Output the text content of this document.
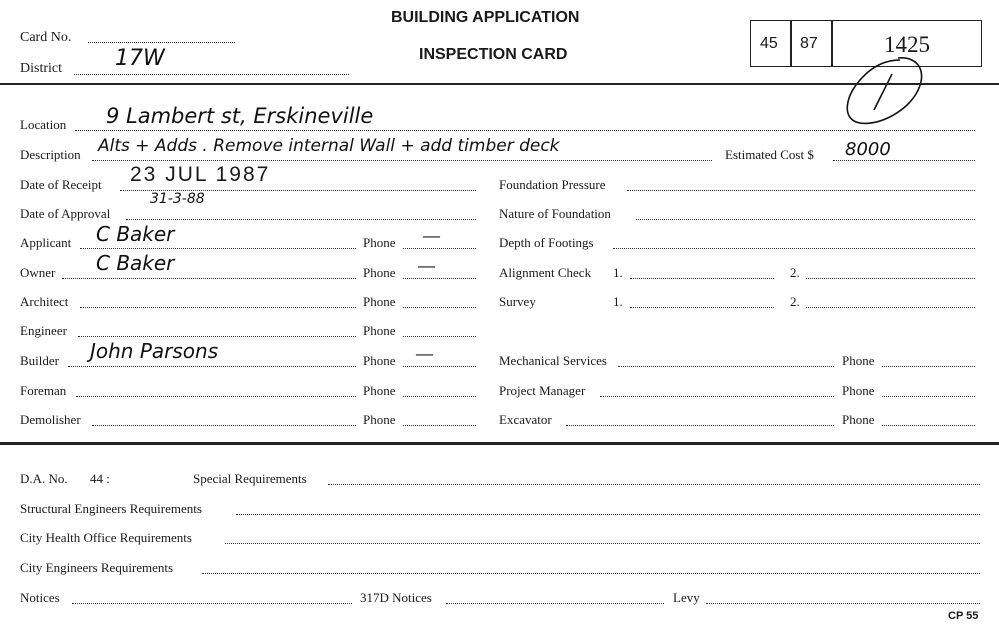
Card No.
District 17W
BUILDING APPLICATION
INSPECTION CARD
45 87	1425
Location 9 Lambert st, Erskineville
Description Alts + Adds . Remove internal Wall + add timber deck	Estimated Cost $ 8000
Date of Receipt 23 JUL 1987
Date of Approval
31-3-88
Applicant C Baker	Phone —
Owner C Baker	Phone —
Architect	Phone
Engineer	Phone
Builder John Parsons	Phone —
Foreman	Phone
Demolisher	Phone
Foundation Pressure
Nature of Foundation
Depth of Footings
Alignment Check 1.	2.
Survey	1.	2.
Mechanical Services	Phone
Project Manager	Phone
Excavator	Phone
D.A. No. 44 :	Special Requirements
Structural Engineers Requirements
City Health Office Requirements
City Engineers Requirements
Notices	317D Notices	Levy
CP 55
